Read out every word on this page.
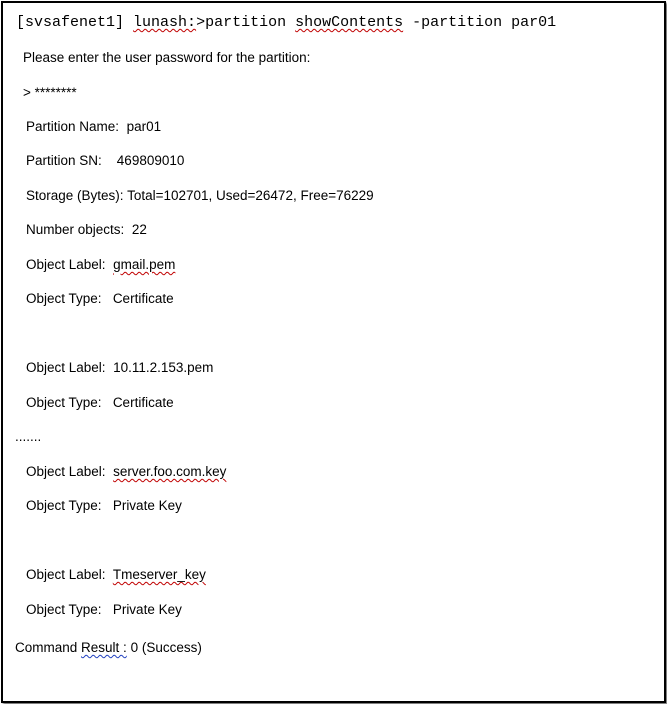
[svsafenet1] lunash:>partition showContents -partition par01
Please enter the user password for the partition:
> ********
Partition Name: par01
Partition SN: 469809010
Storage (Bytes): Total=102701, Used=26472, Free=76229
Number objects: 22
Object Label: gmail.pem
Object Type: Certificate
Object Label: 10.11.2.153.pem
Object Type: Certificate
.......
Object Label: server.foo.com.key
Object Type: Private Key
Object Label: Tmeserver_key
Object Type: Private Key
Command Result : 0 (Success)
